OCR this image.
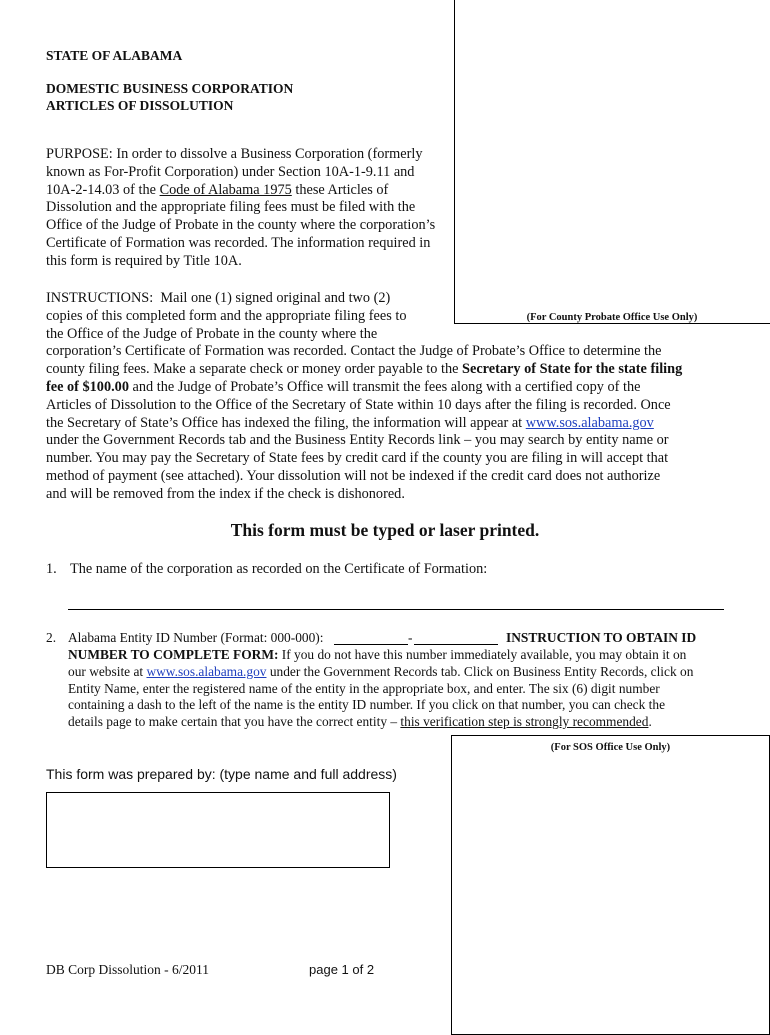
(For County Probate Office Use Only)
STATE OF ALABAMA
DOMESTIC BUSINESS CORPORATION
ARTICLES OF DISSOLUTION

PURPOSE: In order to dissolve a Business Corporation (formerly known as For-Profit Corporation) under Section 10A-1-9.11 and 10A-2-14.03 of the Code of Alabama 1975 these Articles of Dissolution and the appropriate filing fees must be filed with the Office of the Judge of Probate in the county where the corporation’s Certificate of Formation was recorded. The information required in this form is required by Title 10A.

INSTRUCTIONS: Mail one (1) signed original and two (2)
copies of this completed form and the appropriate filing fees to
the Office of the Judge of Probate in the county where the
corporation’s Certificate of Formation was recorded. Contact the Judge of Probate’s Office to determine the
county filing fees. Make a separate check or money order payable to the Secretary of State for the state filing
fee of $100.00 and the Judge of Probate’s Office will transmit the fees along with a certified copy of the
Articles of Dissolution to the Office of the Secretary of State within 10 days after the filing is recorded. Once
the Secretary of State’s Office has indexed the filing, the information will appear at www.sos.alabama.gov
under the Government Records tab and the Business Entity Records link – you may search by entity name or
number. You may pay the Secretary of State fees by credit card if the county you are filing in will accept that
method of payment (see attached). Your dissolution will not be indexed if the credit card does not authorize
and will be removed from the index if the check is dishonored.
This form must be typed or laser printed.
1. The name of the corporation as recorded on the Certificate of Formation:
2. Alabama Entity ID Number (Format: 000-000):	-	INSTRUCTION TO OBTAIN ID
NUMBER TO COMPLETE FORM: If you do not have this number immediately available, you may obtain it on
our website at www.sos.alabama.gov under the Government Records tab. Click on Business Entity Records, click on
Entity Name, enter the registered name of the entity in the appropriate box, and enter. The six (6) digit number
containing a dash to the left of the name is the entity ID number. If you click on that number, you can check the
details page to make certain that you have the correct entity – this verification step is strongly recommended.
(For SOS Office Use Only)
This form was prepared by: (type name and full address)
DB Corp Dissolution - 6/2011	page 1 of 2
